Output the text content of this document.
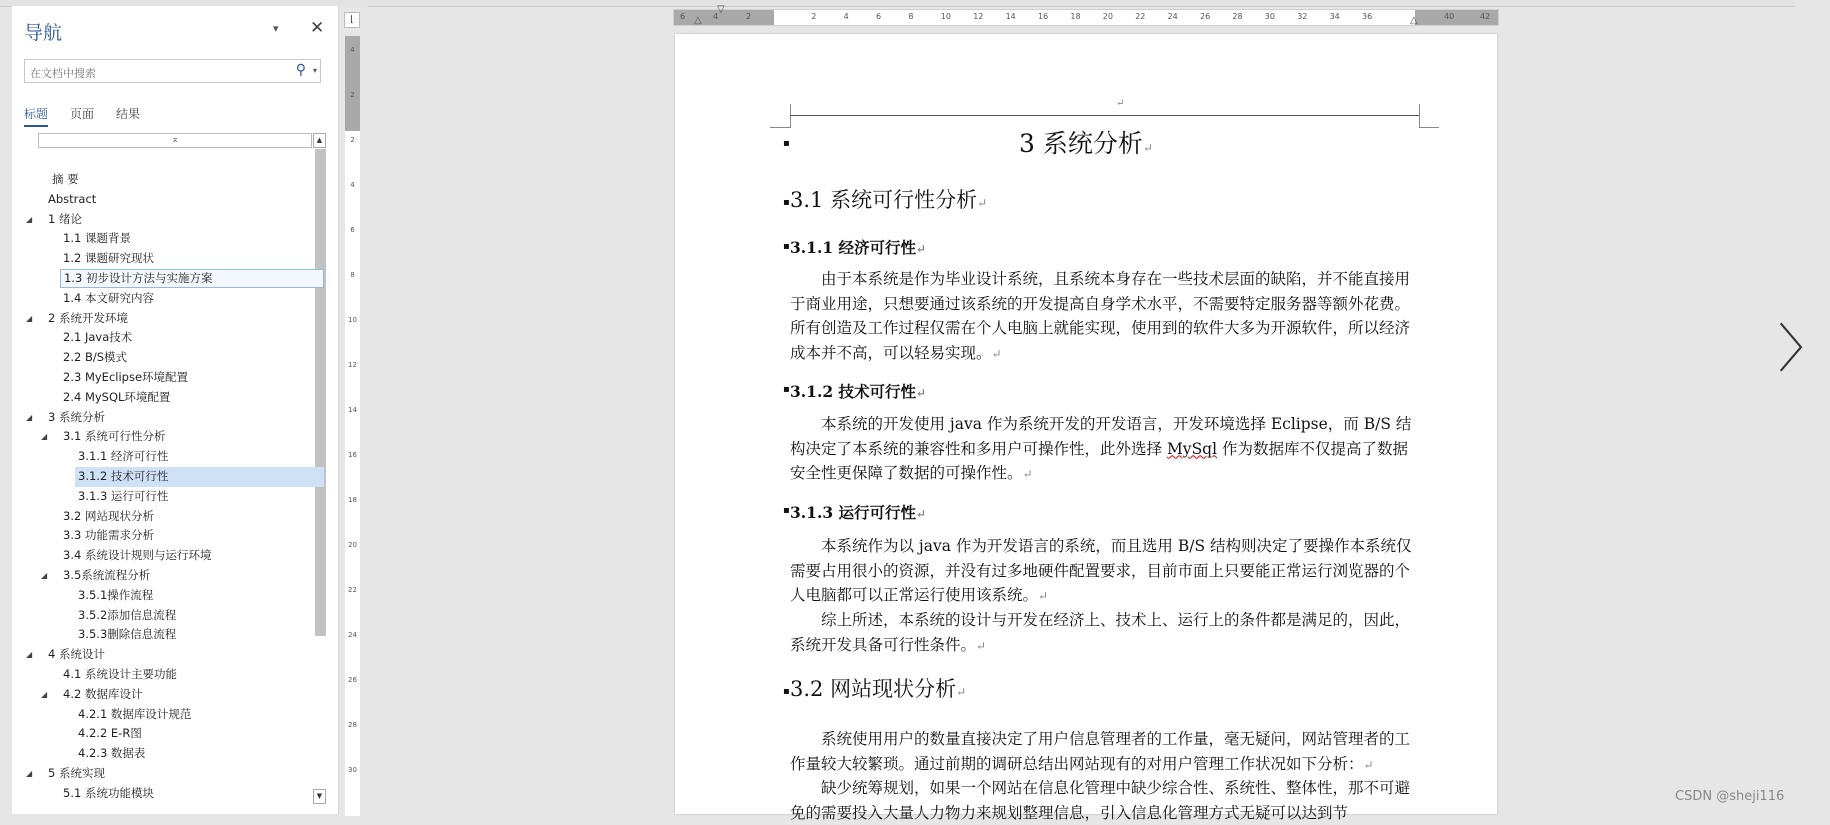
导航	▾ ✕
在文档中搜索	⚲ ▾
标题 页面 结果
⌅	▲
▼
摘 要
Abstract
◢ 1 绪论
1.1 课题背景
1.2 课题研究现状
1.3 初步设计方法与实施方案
1.4 本文研究内容
◢ 2 系统开发环境
2.1 Java技术
2.2 B/S模式
2.3 MyEclipse环境配置
2.4 MySQL环境配置
◢ 3 系统分析
◢ 3.1 系统可行性分析
3.1.1 经济可行性
3.1.2 技术可行性
3.1.3 运行可行性
3.2 网站现状分析
3.3 功能需求分析
3.4 系统设计规则与运行环境
◢ 3.5系统流程分析
3.5.1操作流程
3.5.2添加信息流程
3.5.3删除信息流程
◢ 4 系统设计
4.1 系统设计主要功能
◢ 4.2 数据库设计
4.2.1 数据库设计规范
4.2.2 E-R图
4.2.3 数据表
◢ 5 系统实现
5.1 系统功能模块
⌊
4
2
2
4
6
8
10
12
14
16
18
20
22
24
26
28
30
6	4	2	2	4	6	8	10	12	14	16	18	20	22	24	26	28	30	32	34	36	40	42
▽
△	△
↵
▪	3 系统分析↵
▪ 3.1 系统可行性分析↵
▪ 3.1.1 经济可行性↵
由于本系统是作为毕业设计系统，且系统本身存在一些技术层面的缺陷，并不能直接用于商业用途，只想要通过该系统的开发提高自身学术水平，不需要特定服务器等额外花费。所有创造及工作过程仅需在个人电脑上就能实现，使用到的软件大多为开源软件，所以经济成本并不高，可以轻易实现。↵
▪ 3.1.2 技术可行性↵
本系统的开发使用 java 作为系统开发的开发语言，开发环境选择 Eclipse，而 B/S 结构决定了本系统的兼容性和多用户可操作性，此外选择 MySql 作为数据库不仅提高了数据安全性更保障了数据的可操作性。↵
▪ 3.1.3 运行可行性↵
本系统作为以 java 作为开发语言的系统，而且选用 B/S 结构则决定了要操作本系统仅需要占用很小的资源，并没有过多地硬件配置要求，目前市面上只要能正常运行浏览器的个人电脑都可以正常运行使用该系统。↵
综上所述，本系统的设计与开发在经济上、技术上、运行上的条件都是满足的，因此，系统开发具备可行性条件。↵
▪ 3.2 网站现状分析↵
系统使用用户的数量直接决定了用户信息管理者的工作量，毫无疑问，网站管理者的工作量较大较繁琐。通过前期的调研总结出网站现有的对用户管理工作状况如下分析：↵
缺少统筹规划，如果一个网站在信息化管理中缺少综合性、系统性、整体性，那不可避免的需要投入大量人力物力来规划整理信息，引入信息化管理方式无疑可以达到节
〉
CSDN @sheji116
